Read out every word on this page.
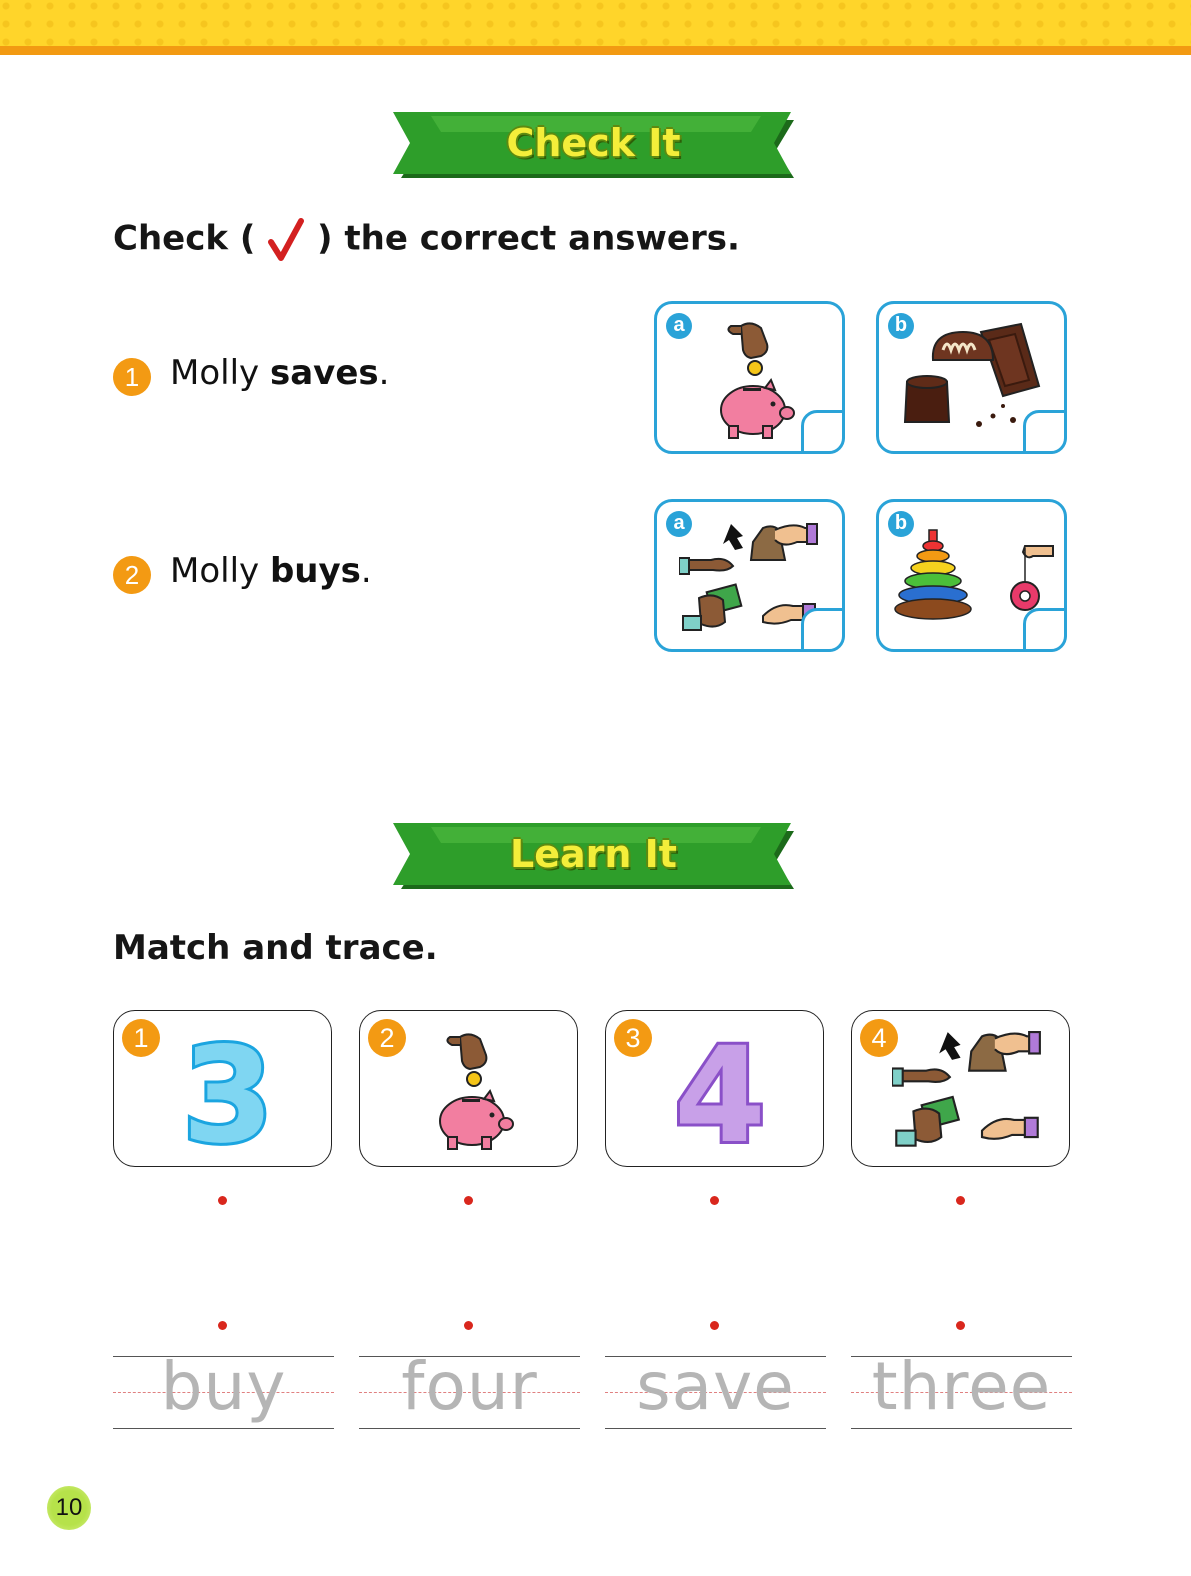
Check It
Check ( ) the correct answers.
1 Molly saves.
a	b
2 Molly buys.
a	b
Learn It
Match and trace.
1 3	2	3 4	4
buy	four	save	three
10
